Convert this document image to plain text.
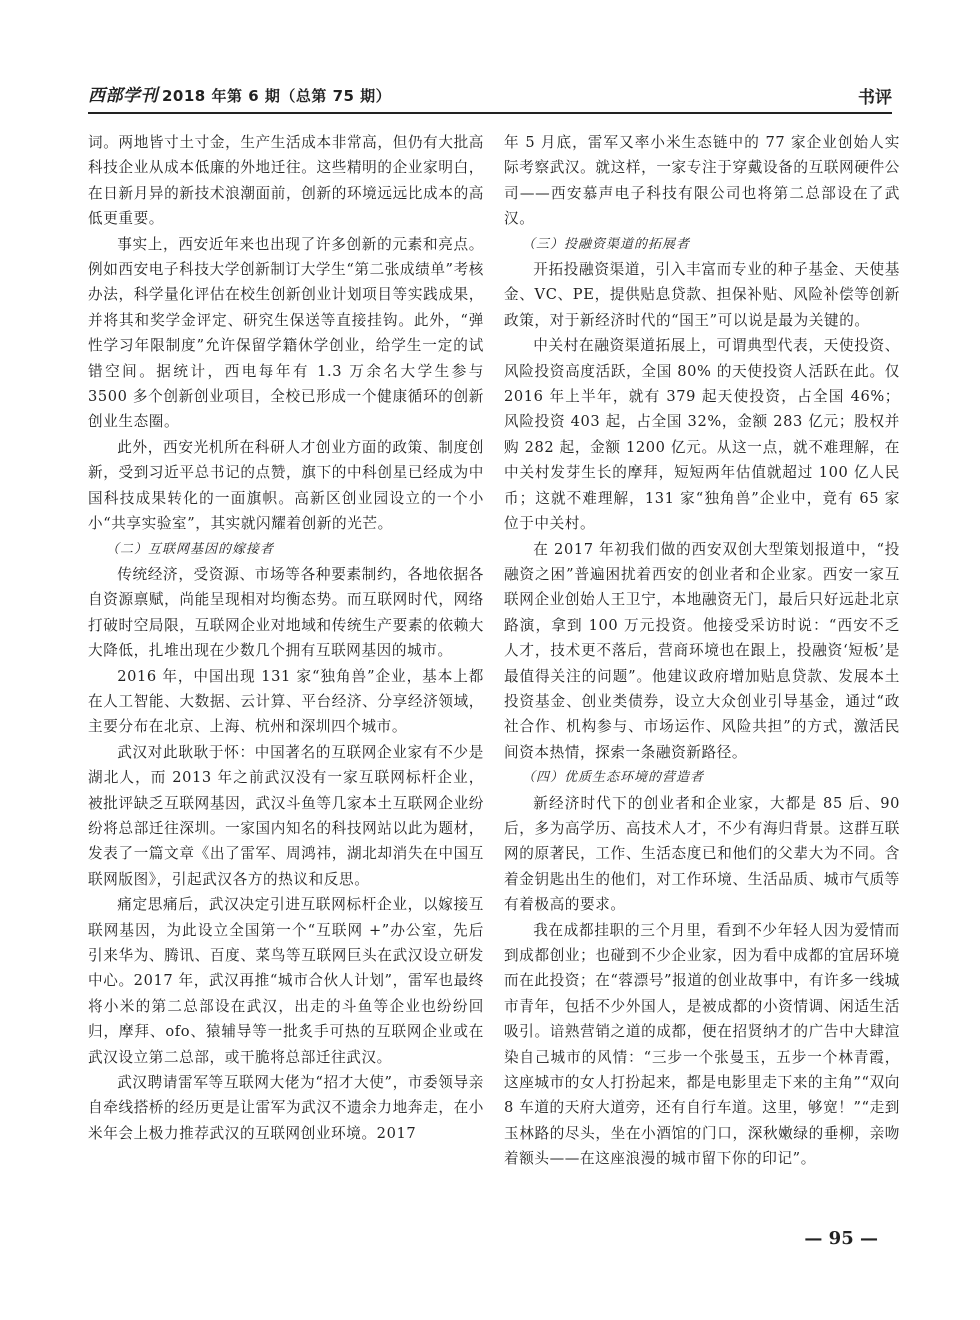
西部学刊 2018 年第 6 期（总第 75 期）	书评

词。两地皆寸土寸金，生产生活成本非常高，但仍有大批高科技企业从成本低廉的外地迁往。这些精明的企业家明白，在日新月异的新技术浪潮面前，创新的环境远远比成本的高低更重要。

事实上，西安近年来也出现了许多创新的元素和亮点。例如西安电子科技大学创新制订大学生“第二张成绩单”考核办法，科学量化评估在校生创新创业计划项目等实践成果，并将其和奖学金评定、研究生保送等直接挂钩。此外，“弹性学习年限制度”允许保留学籍休学创业，给学生一定的试错空间。据统计，西电每年有 1.3 万余名大学生参与 3500 多个创新创业项目，全校已形成一个健康循环的创新创业生态圈。

此外，西安光机所在科研人才创业方面的政策、制度创新，受到习近平总书记的点赞，旗下的中科创星已经成为中国科技成果转化的一面旗帜。高新区创业园设立的一个小小“共享实验室”，其实就闪耀着创新的光芒。

（二）互联网基因的嫁接者

传统经济，受资源、市场等各种要素制约，各地依据各自资源禀赋，尚能呈现相对均衡态势。而互联网时代，网络打破时空局限，互联网企业对地域和传统生产要素的依赖大大降低，扎堆出现在少数几个拥有互联网基因的城市。

2016 年，中国出现 131 家“独角兽”企业，基本上都在人工智能、大数据、云计算、平台经济、分享经济领域，主要分布在北京、上海、杭州和深圳四个城市。

武汉对此耿耿于怀：中国著名的互联网企业家有不少是湖北人，而 2013 年之前武汉没有一家互联网标杆企业，被批评缺乏互联网基因，武汉斗鱼等几家本土互联网企业纷纷将总部迁往深圳。一家国内知名的科技网站以此为题材，发表了一篇文章《出了雷军、周鸿祎，湖北却消失在中国互联网版图》，引起武汉各方的热议和反思。

痛定思痛后，武汉决定引进互联网标杆企业，以嫁接互联网基因，为此设立全国第一个“互联网 +”办公室，先后引来华为、腾讯、百度、菜鸟等互联网巨头在武汉设立研发中心。2017 年，武汉再推“城市合伙人计划”，雷军也最终将小米的第二总部设在武汉，出走的斗鱼等企业也纷纷回归，摩拜、ofo、猿辅导等一批炙手可热的互联网企业或在武汉设立第二总部，或干脆将总部迁往武汉。

武汉聘请雷军等互联网大佬为“招才大使”，市委领导亲自牵线搭桥的经历更是让雷军为武汉不遗余力地奔走，在小米年会上极力推荐武汉的互联网创业环境。2017

年 5 月底，雷军又率小米生态链中的 77 家企业创始人实际考察武汉。就这样，一家专注于穿戴设备的互联网硬件公司——西安慕声电子科技有限公司也将第二总部设在了武汉。

（三）投融资渠道的拓展者

开拓投融资渠道，引入丰富而专业的种子基金、天使基金、VC、PE，提供贴息贷款、担保补贴、风险补偿等创新政策，对于新经济时代的“国王”可以说是最为关键的。

中关村在融资渠道拓展上，可谓典型代表，天使投资、风险投资高度活跃，全国 80% 的天使投资人活跃在此。仅 2016 年上半年，就有 379 起天使投资，占全国 46%；风险投资 403 起，占全国 32%，金额 283 亿元；股权并购 282 起，金额 1200 亿元。从这一点，就不难理解，在中关村发芽生长的摩拜，短短两年估值就超过 100 亿人民币；这就不难理解，131 家“独角兽”企业中，竟有 65 家位于中关村。

在 2017 年初我们做的西安双创大型策划报道中，“投融资之困”普遍困扰着西安的创业者和企业家。西安一家互联网企业创始人王卫宁，本地融资无门，最后只好远赴北京路演，拿到 100 万元投资。他接受采访时说：“西安不乏人才，技术更不落后，营商环境也在跟上，投融资‘短板’是最值得关注的问题”。他建议政府增加贴息贷款、发展本土投资基金、创业类债券，设立大众创业引导基金，通过“政社合作、机构参与、市场运作、风险共担”的方式，激活民间资本热情，探索一条融资新路径。

（四）优质生态环境的营造者

新经济时代下的创业者和企业家，大都是 85 后、90 后，多为高学历、高技术人才，不少有海归背景。这群互联网的原著民，工作、生活态度已和他们的父辈大为不同。含着金钥匙出生的他们，对工作环境、生活品质、城市气质等有着极高的要求。

我在成都挂职的三个月里，看到不少年轻人因为爱情而到成都创业；也碰到不少企业家，因为看中成都的宜居环境而在此投资；在“蓉漂号”报道的创业故事中，有许多一线城市青年，包括不少外国人，是被成都的小资情调、闲适生活吸引。谙熟营销之道的成都，便在招贤纳才的广告中大肆渲染自己城市的风情：“三步一个张曼玉，五步一个林青霞，这座城市的女人打扮起来，都是电影里走下来的主角”“双向 8 车道的天府大道旁，还有自行车道。这里，够宽！”“走到玉林路的尽头，坐在小酒馆的门口，深秋嫩绿的垂柳，亲吻着额头——在这座浪漫的城市留下你的印记”。

— 95 —
